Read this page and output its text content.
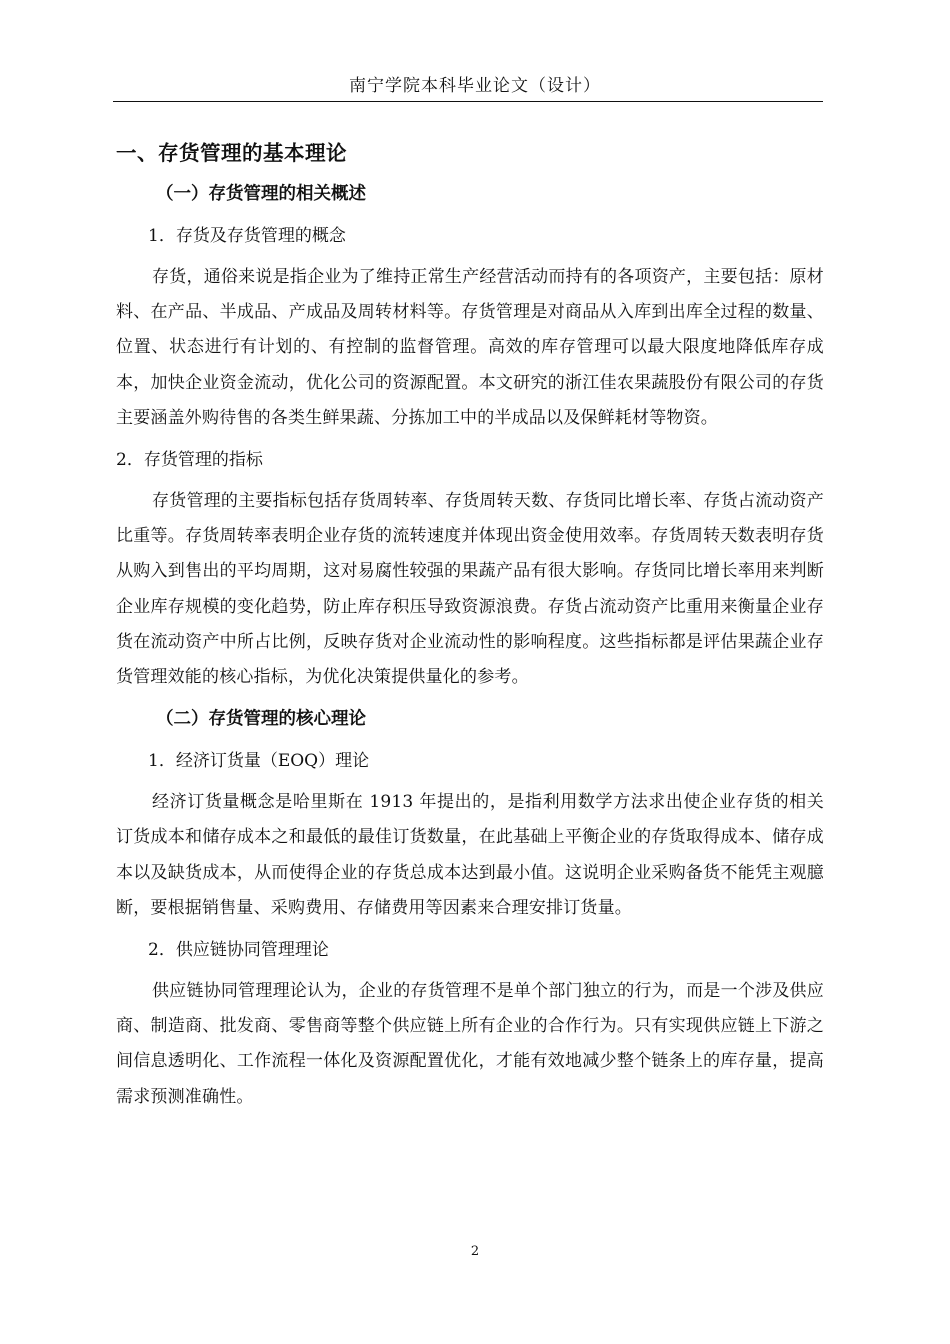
南宁学院本科毕业论文（设计）
一、存货管理的基本理论
（一）存货管理的相关概述
1．存货及存货管理的概念

存货，通俗来说是指企业为了维持正常生产经营活动而持有的各项资产，主要包括：原材料、在产品、半成品、产成品及周转材料等。存货管理是对商品从入库到出库全过程的数量、位置、状态进行有计划的、有控制的监督管理。高效的库存管理可以最大限度地降低库存成本，加快企业资金流动，优化公司的资源配置。本文研究的浙江佳农果蔬股份有限公司的存货主要涵盖外购待售的各类生鲜果蔬、分拣加工中的半成品以及保鲜耗材等物资。

2．存货管理的指标

存货管理的主要指标包括存货周转率、存货周转天数、存货同比增长率、存货占流动资产比重等。存货周转率表明企业存货的流转速度并体现出资金使用效率。存货周转天数表明存货从购入到售出的平均周期，这对易腐性较强的果蔬产品有很大影响。存货同比增长率用来判断企业库存规模的变化趋势，防止库存积压导致资源浪费。存货占流动资产比重用来衡量企业存货在流动资产中所占比例，反映存货对企业流动性的影响程度。这些指标都是评估果蔬企业存货管理效能的核心指标，为优化决策提供量化的参考。

（二）存货管理的核心理论
1．经济订货量（EOQ）理论

经济订货量概念是哈里斯在 1913 年提出的，是指利用数学方法求出使企业存货的相关订货成本和储存成本之和最低的最佳订货数量，在此基础上平衡企业的存货取得成本、储存成本以及缺货成本，从而使得企业的存货总成本达到最小值。这说明企业采购备货不能凭主观臆断，要根据销售量、采购费用、存储费用等因素来合理安排订货量。

2．供应链协同管理理论

供应链协同管理理论认为，企业的存货管理不是单个部门独立的行为，而是一个涉及供应商、制造商、批发商、零售商等整个供应链上所有企业的合作行为。只有实现供应链上下游之间信息透明化、工作流程一体化及资源配置优化，才能有效地减少整个链条上的库存量，提高需求预测准确性。

2
